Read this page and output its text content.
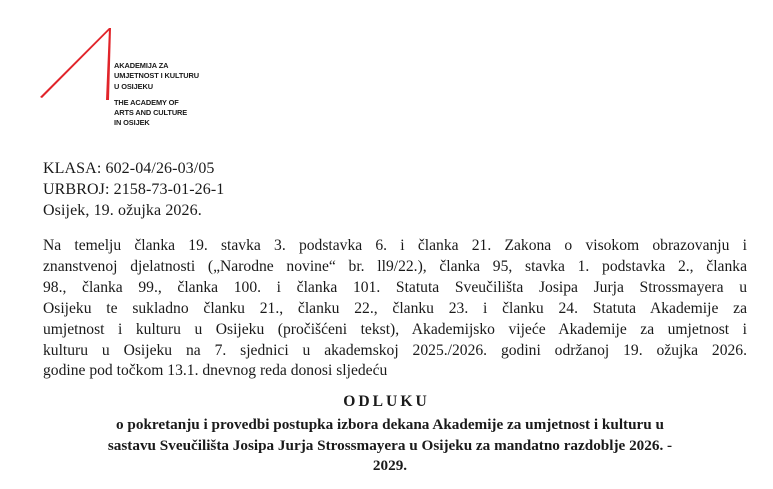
AKADEMIJA ZA
UMJETNOST I KULTURU
U OSIJEKU
THE ACADEMY OF
ARTS AND CULTURE
IN OSIJEK
KLASA: 602-04/26-03/05
URBROJ: 2158-73-01-26-1
Osijek, 19. ožujka 2026.
Na temelju članka 19. stavka 3. podstavka 6. i članka 21. Zakona o visokom obrazovanju i
znanstvenoj djelatnosti („Narodne novine“ br. ll9/22.), članka 95, stavka 1. podstavka 2., članka
98., članka 99., članka 100. i članka 101. Statuta Sveučilišta Josipa Jurja Strossmayera u
Osijeku te sukladno članku 21., članku 22., članku 23. i članku 24. Statuta Akademije za
umjetnost i kulturu u Osijeku (pročišćeni tekst), Akademijsko vijeće Akademije za umjetnost i
kulturu u Osijeku na 7. sjednici u akademskoj 2025./2026. godini održanoj 19. ožujka 2026.
godine pod točkom 13.1. dnevnog reda donosi sljedeću
ODLUKU
o pokretanju i provedbi postupka izbora dekana Akademije za umjetnost i kulturu u
sastavu Sveučilišta Josipa Jurja Strossmayera u Osijeku za mandatno razdoblje 2026. -
2029.
